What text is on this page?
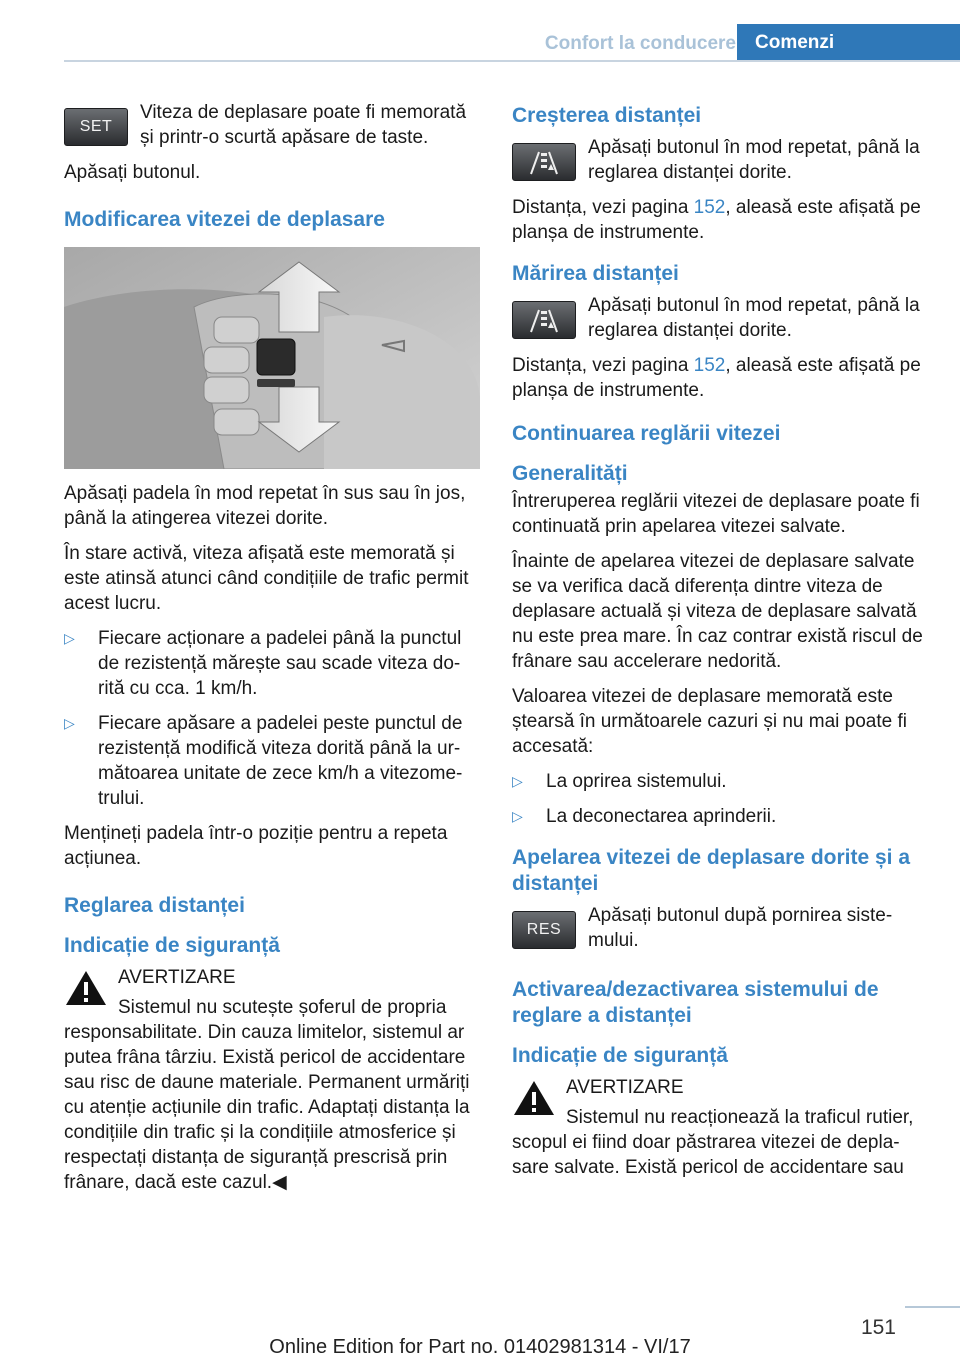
Confort la conducere	Comenzi
SET
Viteza de deplasare poate fi memorată și printr-o scurtă apăsare de taste.

Apăsați butonul.

Modificarea vitezei de deplasare

Apăsați padela în mod repetat în sus sau în jos, până la atingerea vitezei dorite.

În stare activă, viteza afișată este memorată și este atinsă atunci când condițiile de trafic permit acest lucru.

▷ Fiecare acționare a padelei până la punctul de rezistență mărește sau scade viteza dorită cu cca. 1 km/h.
▷ Fiecare apăsare a padelei peste punctul de rezistență modifică viteza dorită până la următoarea unitate de zece km/h a vitezometrului.

Mențineți padela într-o poziție pentru a repeta acțiunea.

Reglarea distanței
Indicație de siguranță
AVERTIZARE
Sistemul nu scutește șoferul de propria

responsabilitate. Din cauza limitelor, sistemul ar putea frâna târziu. Există pericol de accidentare sau risc de daune materiale. Permanent urmăriți cu atenție acțiunile din trafic. Adaptați distanța la condițiile din trafic și la condițiile atmosferice și respectați distanța de siguranță prescrisă prin frânare, dacă este cazul.◀

Creșterea distanței
Apăsați butonul în mod repetat, până la reglarea distanței dorite.

Distanța, vezi pagina 152, aleasă este afișată pe planșa de instrumente.

Mărirea distanței
Apăsați butonul în mod repetat, până la reglarea distanței dorite.

Distanța, vezi pagina 152, aleasă este afișată pe planșa de instrumente.

Continuarea reglării vitezei
Generalități

Întreruperea reglării vitezei de deplasare poate fi continuată prin apelarea vitezei salvate.

Înainte de apelarea vitezei de deplasare salvate se va verifica dacă diferența dintre viteza de deplasare actuală și viteza de deplasare salvată nu este prea mare. În caz contrar există riscul de frânare sau accelerare nedorită.

Valoarea vitezei de deplasare memorată este ștearsă în următoarele cazuri și nu mai poate fi accesată:

▷ La oprirea sistemului.
▷ La deconectarea aprinderii.
Apelarea vitezei de deplasare dorite și a distanței
RES
Apăsați butonul după pornirea sistemului.
Activarea/dezactivarea sistemului de reglare a distanței
Indicație de siguranță
AVERTIZARE
Sistemul nu reacționează la traficul rutier,

scopul ei fiind doar păstrarea vitezei de deplasare salvate. Există pericol de accidentare sau

151
Online Edition for Part no. 01402981314 - VI/17
